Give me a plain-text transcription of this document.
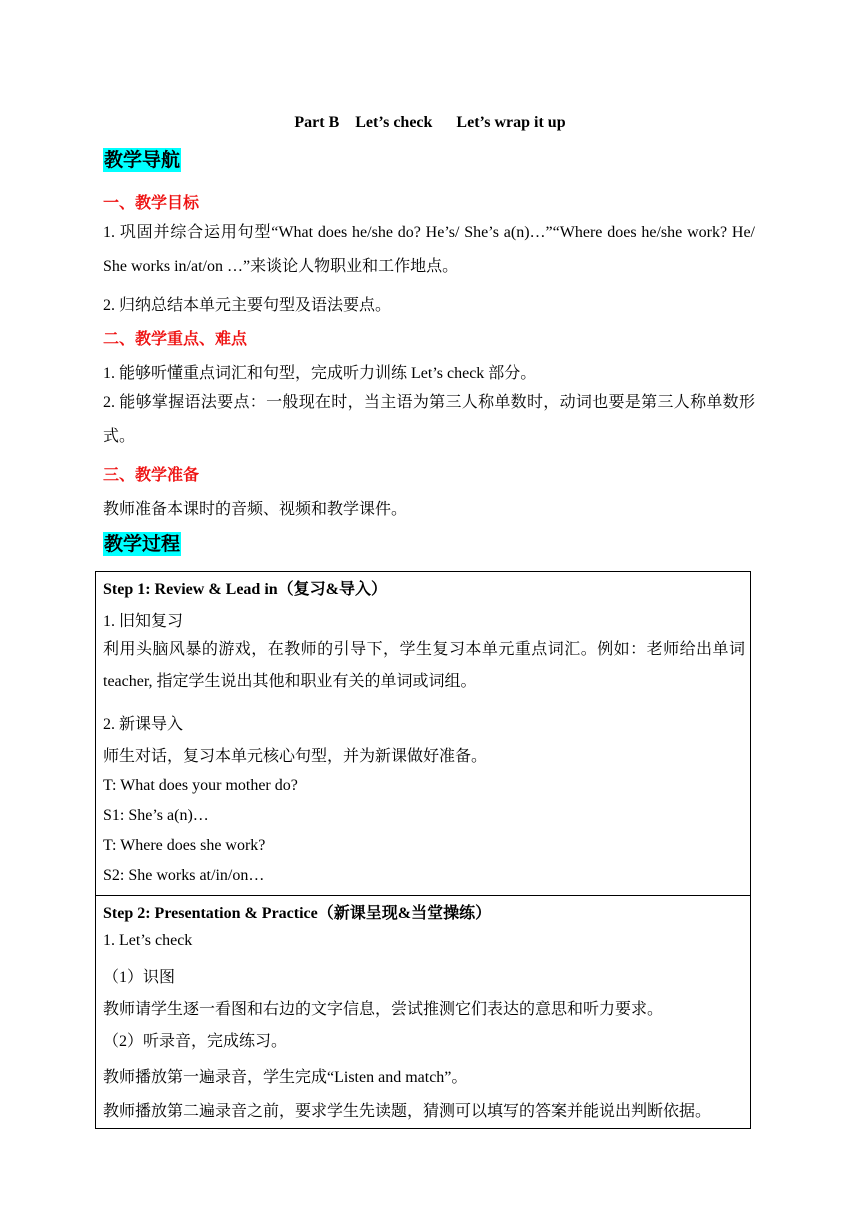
Part B    Let’s check      Let’s wrap it up
教学导航
一、教学目标
1. 巩固并综合运用句型“What does he/she do? He’s/ She’s a(n)…”“Where does he/she work? He/ She works in/at/on …”来谈论人物职业和工作地点。
2. 归纳总结本单元主要句型及语法要点。
二、教学重点、难点
1. 能够听懂重点词汇和句型，完成听力训练 Let’s check 部分。
2. 能够掌握语法要点：一般现在时，当主语为第三人称单数时，动词也要是第三人称单数形式。
三、教学准备
教师准备本课时的音频、视频和教学课件。
教学过程
Step 1: Review & Lead in（复习&导入）
1. 旧知复习
利用头脑风暴的游戏，在教师的引导下，学生复习本单元重点词汇。例如：老师给出单词 teacher, 指定学生说出其他和职业有关的单词或词组。
2. 新课导入
师生对话，复习本单元核心句型，并为新课做好准备。
T: What does your mother do?
S1: She’s a(n)…
T: Where does she work?
S2: She works at/in/on…
Step 2: Presentation & Practice（新课呈现&当堂操练）
1. Let’s check
（1）识图
教师请学生逐一看图和右边的文字信息，尝试推测它们表达的意思和听力要求。
（2）听录音，完成练习。
教师播放第一遍录音，学生完成“Listen and match”。
教师播放第二遍录音之前，要求学生先读题，猜测可以填写的答案并能说出判断依据。
